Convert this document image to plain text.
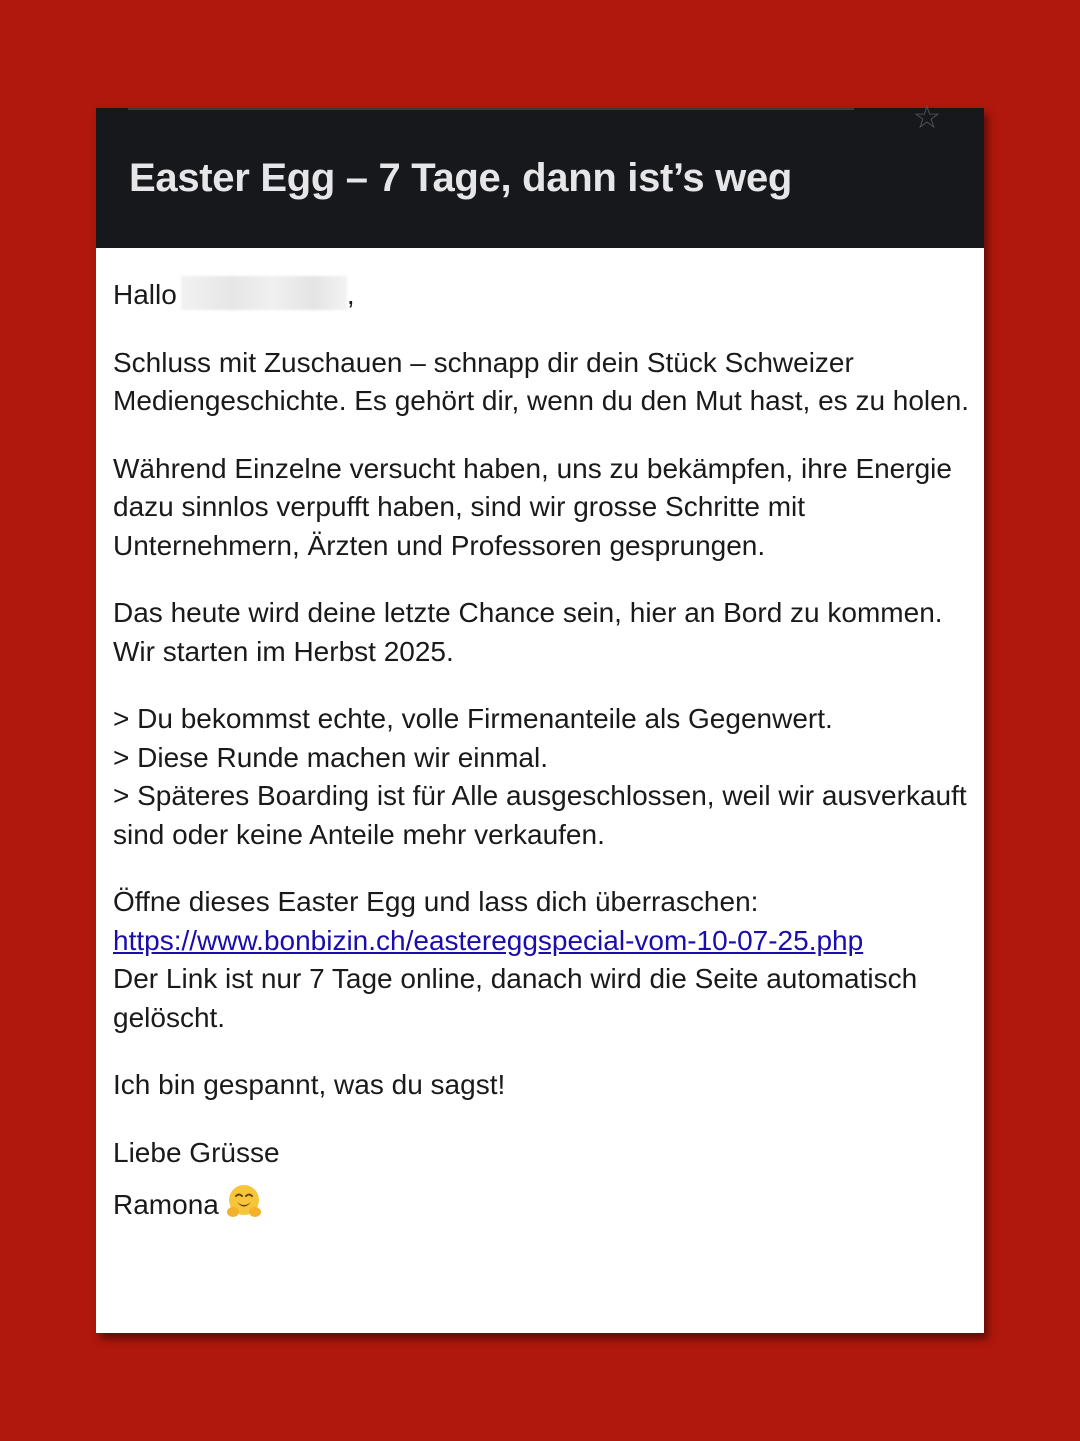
☆
Easter Egg – 7 Tage, dann ist’s weg

Hallo	,

Schluss mit Zuschauen – schnapp dir dein Stück Schweizer Mediengeschichte. Es gehört dir, wenn du den Mut hast, es zu holen.

Während Einzelne versucht haben, uns zu bekämpfen, ihre Energie dazu sinnlos verpufft haben, sind wir grosse Schritte mit Unternehmern, Ärzten und Professoren gesprungen.

Das heute wird deine letzte Chance sein, hier an Bord zu kommen. Wir starten im Herbst 2025.

> Du bekommst echte, volle Firmenanteile als Gegenwert.

> Diese Runde machen wir einmal.

> Späteres Boarding ist für Alle ausgeschlossen, weil wir ausverkauft sind oder keine Anteile mehr verkaufen.

Öffne dieses Easter Egg und lass dich überraschen:

https://www.bonbizin.ch/eastereggspecial-vom-10-07-25.php

Der Link ist nur 7 Tage online, danach wird die Seite automatisch gelöscht.

Ich bin gespannt, was du sagst!

Liebe Grüsse

Ramona
